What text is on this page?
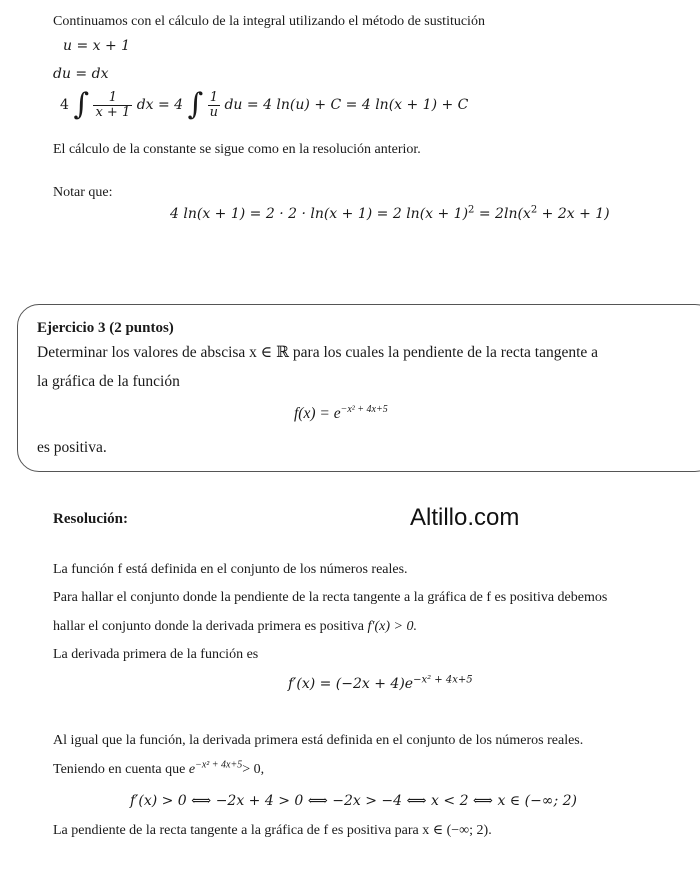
Continuamos con el cálculo de la integral utilizando el método de sustitución
u = x + 1
du = dx
4 ∫ $\frac{1}{x + 1}$ dx = 4 ∫ $\frac{1}{u}$ du = 4 ln(u) + C = 4 ln(x + 1) + C
El cálculo de la constante se sigue como en la resolución anterior.
Notar que:
4 ln(x + 1) = 2 · 2 · ln(x + 1) = 2 $\ln(x + 1)^2 = 2\ln(x^2 + 2x + 1)$
Ejercicio 3 (2 puntos)
Determinar los valores de abscisa x ∈ ℝ para los cuales la pendiente de la recta tangente a
la gráfica de la función
$f(x) = e^{-x^2 + 4x+5}$
es positiva.
Resolución:	Altillo.com
La función f está definida en el conjunto de los números reales.
Para hallar el conjunto donde la pendiente de la recta tangente a la gráfica de f es positiva debemos
hallar el conjunto donde la derivada primera es positiva f′(x) > 0.
La derivada primera de la función es
$f'(x) = (-2x + 4)e^{-x^2 + 4x+5}$
Al igual que la función, la derivada primera está definida en el conjunto de los números reales.
Teniendo en cuenta que $e^{-x^2 + 4x+5}> 0$,
f′(x) > 0 ⟺ −2x + 4 > 0 ⟺ −2x > −4 ⟺ x < 2 ⟺ x ∈ (−∞; 2)
La pendiente de la recta tangente a la gráfica de f es positiva para x ∈ (−∞; 2).
